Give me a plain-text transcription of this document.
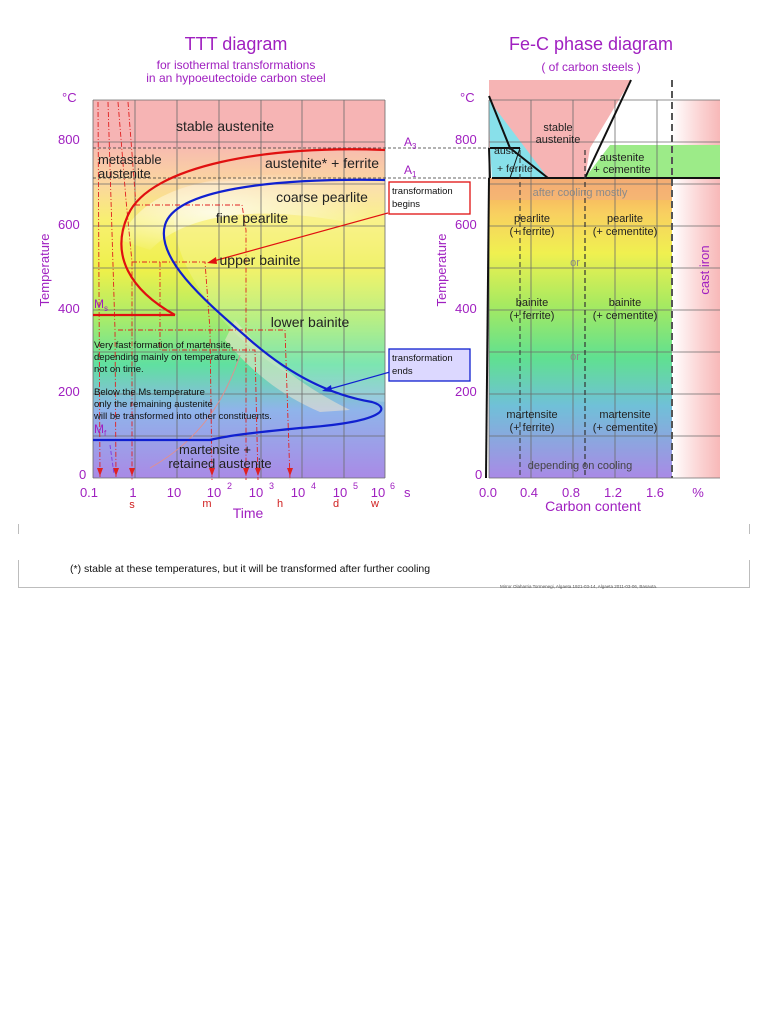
TTT diagram
for isothermal transformations
in an hypoeutectoide carbon steel
°C
800
600
400
200
0
Temperature
0.1 1 10 10 2 10 3 10 4 10 5 10 6 s
Time
s	m	h	d	w
$A_3$
$A_1$
$M_s$
$M_f$
stable austenite
metastable
austenite
austenite* + ferrite
coarse pearlite
fine pearlite
upper bainite
lower bainite
martensite +
retained austenite
Very fast formation of martensite,
depending mainly on temperature,
not on time.
Below the Ms temperature
only the remaining austenite
will be transformed into other constituents.
transformation
begins
transformation
ends
Fe-C phase diagram
( of carbon steels )
°C
800
600
400
200
0
Temperature
0.0 0.4 0.8 1.2 1.6 %
Carbon content
cast iron
stable
austenite
aust.
+ ferrite
austenite
+ cementite
after cooling mostly
pearlite
(+ ferrite)
pearlite
(+ cementite)
or
bainite
(+ ferrite)
bainite
(+ cementite)
or
martensite
(+ ferrite)
martensite
(+ cementite)
depending on cooling
(*) stable at these temperatures, but it will be transformed after further cooling
Mirror Olaharria Tormenegi, Algaeta 1921-03-14, Algaeta 2011-03-06, Basauta.
